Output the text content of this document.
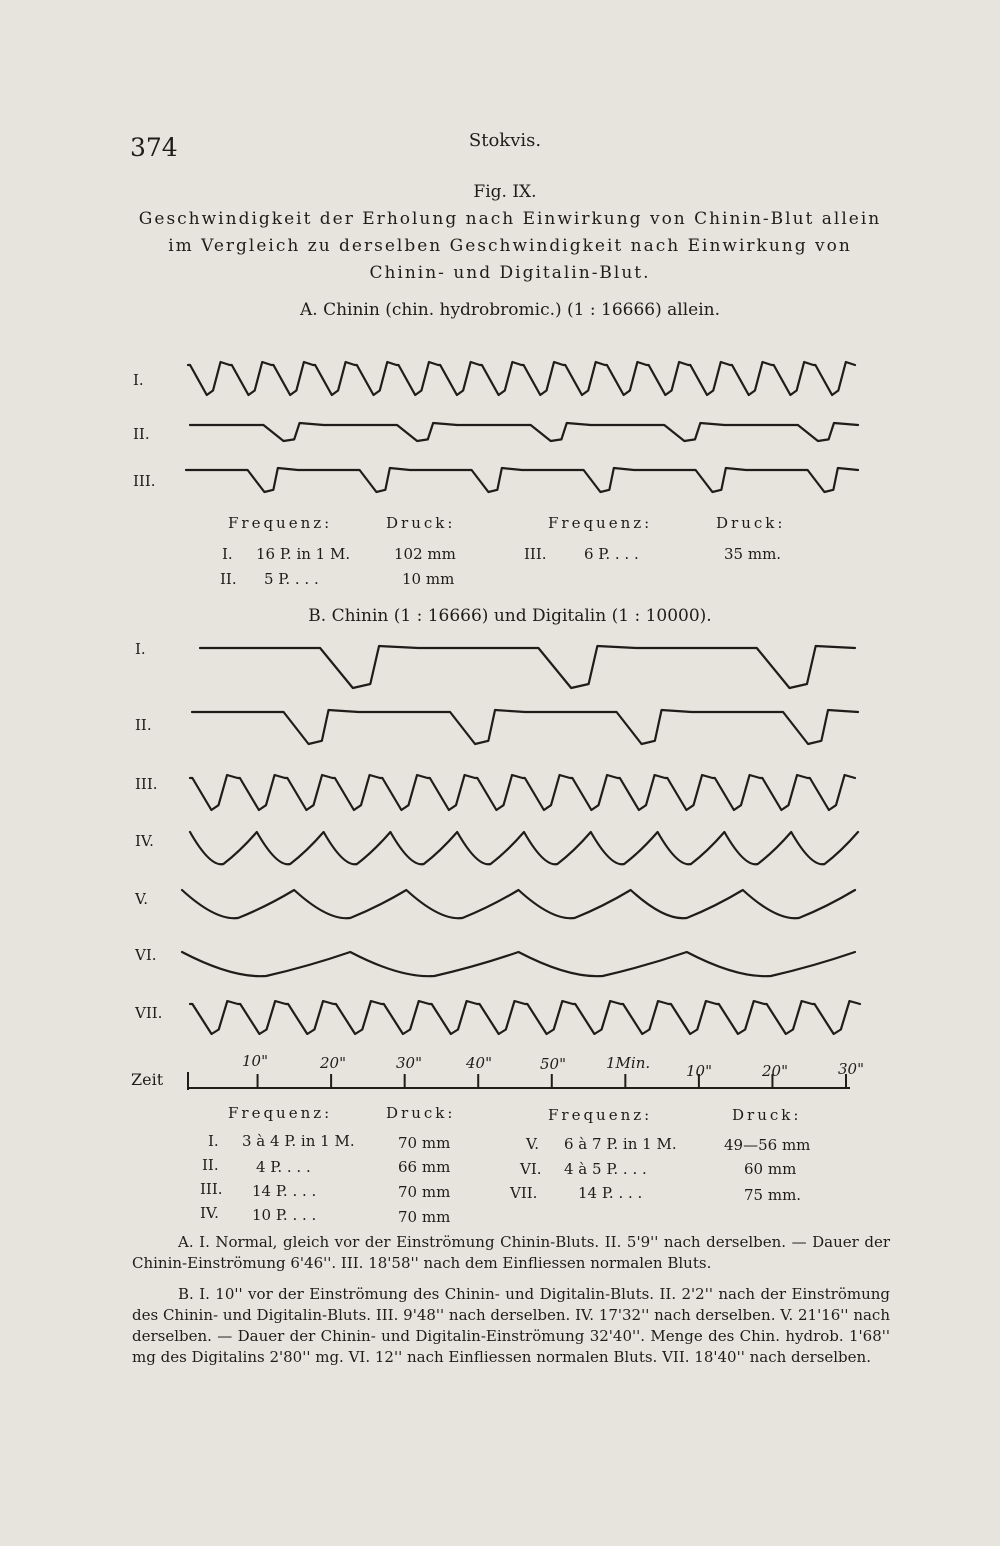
374	Stokvis.
Fig. IX.
Geschwindigkeit der Erholung nach Einwirkung von Chinin-Blut allein
im Vergleich zu derselben Geschwindigkeit nach Einwirkung von
Chinin- und Digitalin-Blut.
A. Chinin (chin. hydrobromic.) (1 : 16666) allein.
I.
II.
III.
Frequenz:	Druck:	Frequenz:	Druck:
I. 16 P. in 1 M.	102 mm
II. 5 P. . . .	10 mm
III. 6 P. . . .	35 mm.
B. Chinin (1 : 16666) und Digitalin (1 : 10000).
I.
II.
III.
IV.
V.
VI.
VII.
Zeit
10"	20"	30"	40"	50"	1Min. 10"	20"	30"
Frequenz:	Druck:	Frequenz:	Druck:
I. 3 à 4 P. in 1 M.	70 mm
II. 4 P. . . .	66 mm
III. 14 P. . . .	70 mm
IV. 10 P. . . .	70 mm
V. 6 à 7 P. in 1 M.	49—56 mm
VI. 4 à 5 P. . . .	60 mm
VII.	14 P. . . .	75 mm.

A. I. Normal, gleich vor der Einströmung Chinin-Bluts. II. 5'9'' nach derselben. — Dauer der Chinin-Einströmung 6'46''. III. 18'58'' nach dem Einfliessen normalen Bluts.

B. I. 10'' vor der Einströmung des Chinin- und Digitalin-Bluts. II. 2'2'' nach der Einströmung des Chinin- und Digitalin-Bluts. III. 9'48'' nach derselben. IV. 17'32'' nach derselben. V. 21'16'' nach derselben. — Dauer der Chinin- und Digitalin-Einströmung 32'40''. Menge des Chin. hydrob. 1'68'' mg des Digitalins 2'80'' mg. VI. 12'' nach Einfliessen normalen Bluts. VII. 18'40'' nach derselben.
